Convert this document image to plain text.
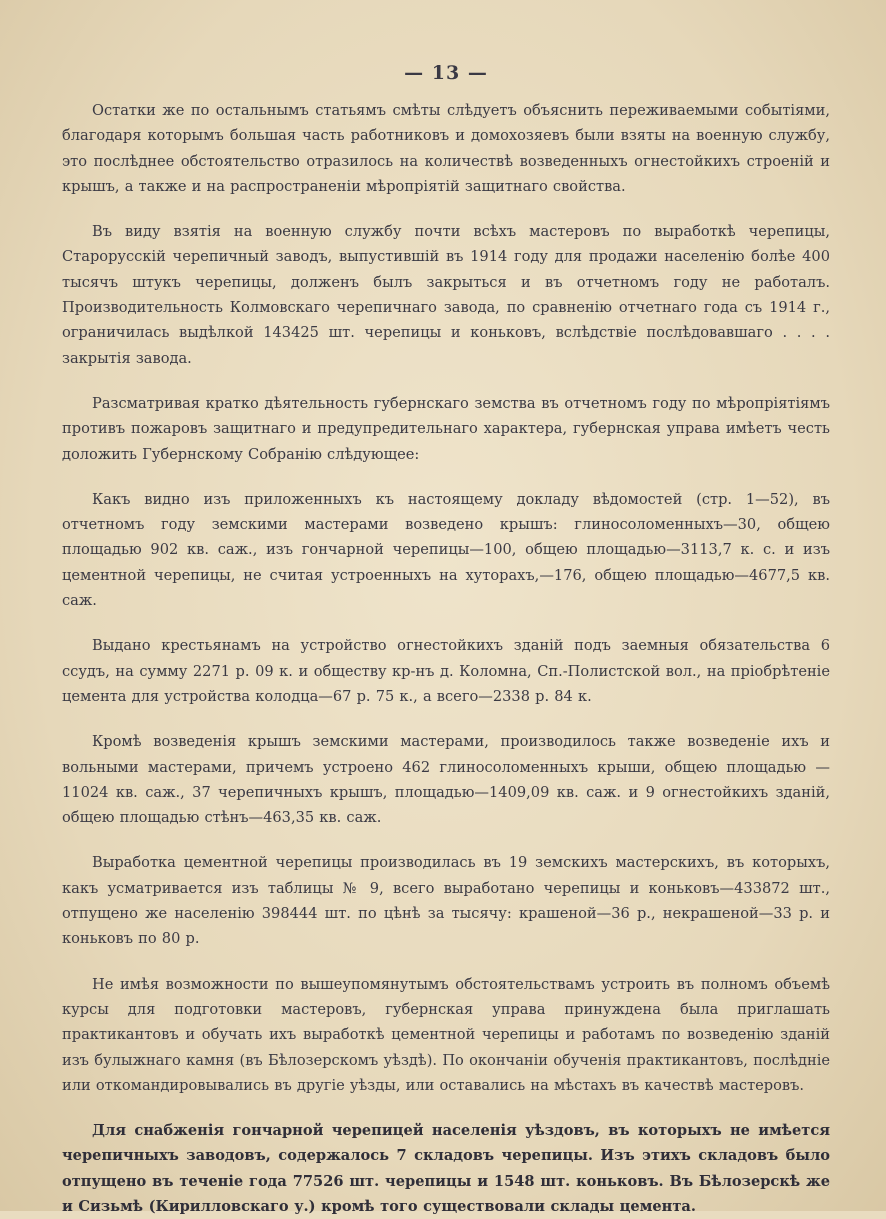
— 13 —

Остатки же по остальнымъ статьямъ смѣты слѣдуетъ объяснить переживаемыми событіями, благодаря которымъ большая часть работниковъ и домохозяевъ были взяты на военную службу, это послѣднее обстоятельство отразилось на количествѣ возведенныхъ огнестойкихъ строеній и крышъ, а также и на распространеніи мѣропріятій защитнаго свойства.

Въ виду взятія на военную службу почти всѣхъ мастеровъ по выработкѣ черепицы, Старорусскій черепичный заводъ, выпустившій въ 1914 году для продажи населенію болѣе 400 тысячъ штукъ черепицы, долженъ былъ закрыться и въ отчетномъ году не работалъ. Производительность Колмовскаго черепичнаго завода, по сравненію отчетнаго года съ 1914 г., ограничилась выдѣлкой 143425 шт. черепицы и коньковъ, вслѣдствіе послѣдовавшаго . . . . закрытія завода.

Разсматривая кратко дѣятельность губернскаго земства въ отчетномъ году по мѣропріятіямъ противъ пожаровъ защитнаго и предупредительнаго характера, губернская управа имѣетъ честь доложить Губернскому Собранію слѣдующее:

Какъ видно изъ приложенныхъ къ настоящему докладу вѣдомостей (стр. 1—52), въ отчетномъ году земскими мастерами возведено крышъ: глиносоломенныхъ—30, общею площадью 902 кв. саж., изъ гончарной черепицы—100, общею площадью—3113,7 к. с. и изъ цементной черепицы, не считая устроенныхъ на хуторахъ,—176, общею площадью—4677,5 кв. саж.

Выдано крестьянамъ на устройство огнестойкихъ зданій подъ заемныя обязательства 6 ссудъ, на сумму 2271 р. 09 к. и обществу кр-нъ д. Коломна, Сп.-Полистской вол., на пріобрѣтеніе цемента для устройства колодца—67 р. 75 к., а всего—2338 р. 84 к.

Кромѣ возведенія крышъ земскими мастерами, производилось также возведеніе ихъ и вольными мастерами, причемъ устроено 462 глиносоломенныхъ крыши, общею площадью —11024 кв. саж., 37 черепичныхъ крышъ, площадью—1409,09 кв. саж. и 9 огнестойкихъ зданій, общею площадью стѣнъ—463,35 кв. саж.

Выработка цементной черепицы производилась въ 19 земскихъ мастерскихъ, въ которыхъ, какъ усматривается изъ таблицы № 9, всего выработано черепицы и коньковъ—433872 шт., отпущено же населенію 398444 шт. по цѣнѣ за тысячу: крашеной—36 р., некрашеной—33 р. и коньковъ по 80 р.

Не имѣя возможности по вышеупомянутымъ обстоятельствамъ устроить въ полномъ объемѣ курсы для подготовки мастеровъ, губернская управа принуждена была приглашать практикантовъ и обучать ихъ выработкѣ цементной черепицы и работамъ по возведенію зданій изъ булыжнаго камня (въ Бѣлозерскомъ уѣздѣ). По окончаніи обученія практикантовъ, послѣдніе или откомандировывались въ другіе уѣзды, или оставались на мѣстахъ въ качествѣ мастеровъ.

Для снабженія гончарной черепицей населенія уѣздовъ, въ которыхъ не имѣется черепичныхъ заводовъ, содержалось 7 складовъ черепицы. Изъ этихъ складовъ было отпущено въ теченіе года 77526 шт. черепицы и 1548 шт. коньковъ. Въ Бѣлозерскѣ же и Сизьмѣ (Кирилловскаго у.) кромѣ того существовали склады цемента.
